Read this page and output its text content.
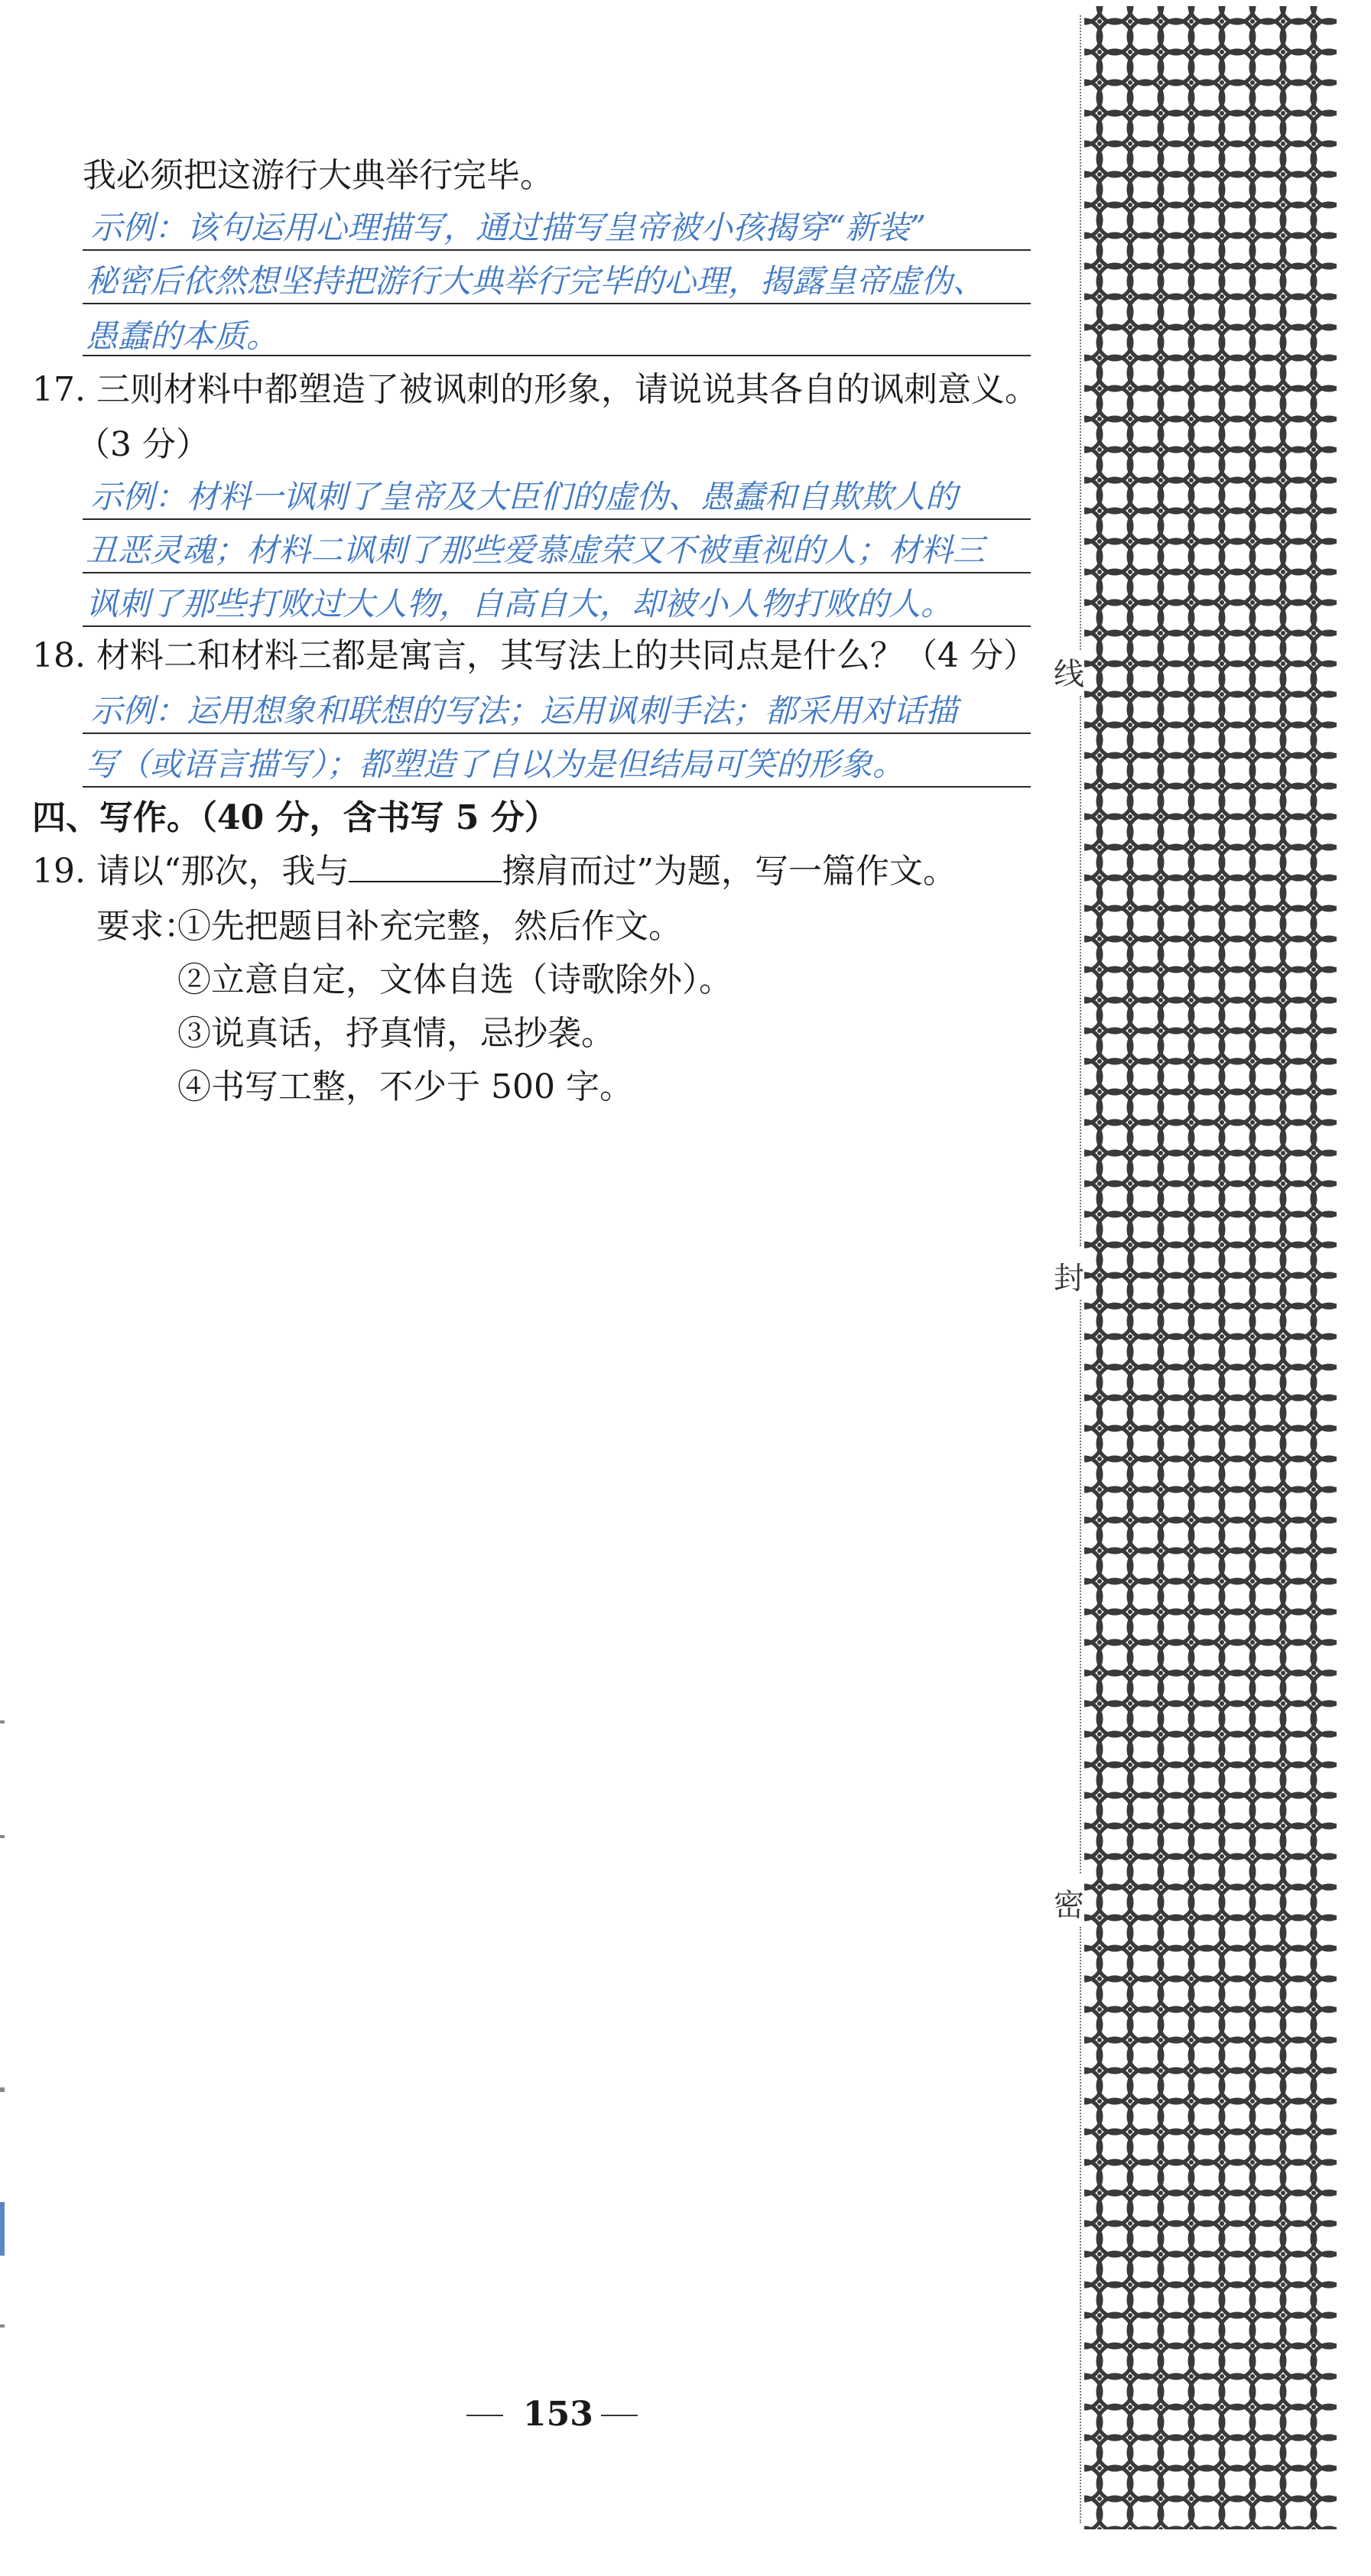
我必须把这游行大典举行完毕。
示例：该句运用心理描写，通过描写皇帝被小孩揭穿“新装”
秘密后依然想坚持把游行大典举行完毕的心理，揭露皇帝虚伪、
愚蠢的本质。
17. 三则材料中都塑造了被讽刺的形象，请说说其各自的讽刺意义。
（3 分）
示例：材料一讽刺了皇帝及大臣们的虚伪、愚蠢和自欺欺人的
丑恶灵魂；材料二讽刺了那些爱慕虚荣又不被重视的人；材料三
讽刺了那些打败过大人物，自高自大，却被小人物打败的人。
18. 材料二和材料三都是寓言，其写法上的共同点是什么？（4 分）
示例：运用想象和联想的写法；运用讽刺手法；都采用对话描
写（或语言描写）；都塑造了自以为是但结局可笑的形象。
四、写作。（40 分，含书写 5 分）
19. 请以“那次，我与	擦肩而过”为题，写一篇作文。
要求：
①先把题目补充完整，然后作文。
②立意自定，文体自选（诗歌除外）。
③说真话，抒真情，忌抄袭。
④书写工整，不少于 500 字。
153
线
封
密
